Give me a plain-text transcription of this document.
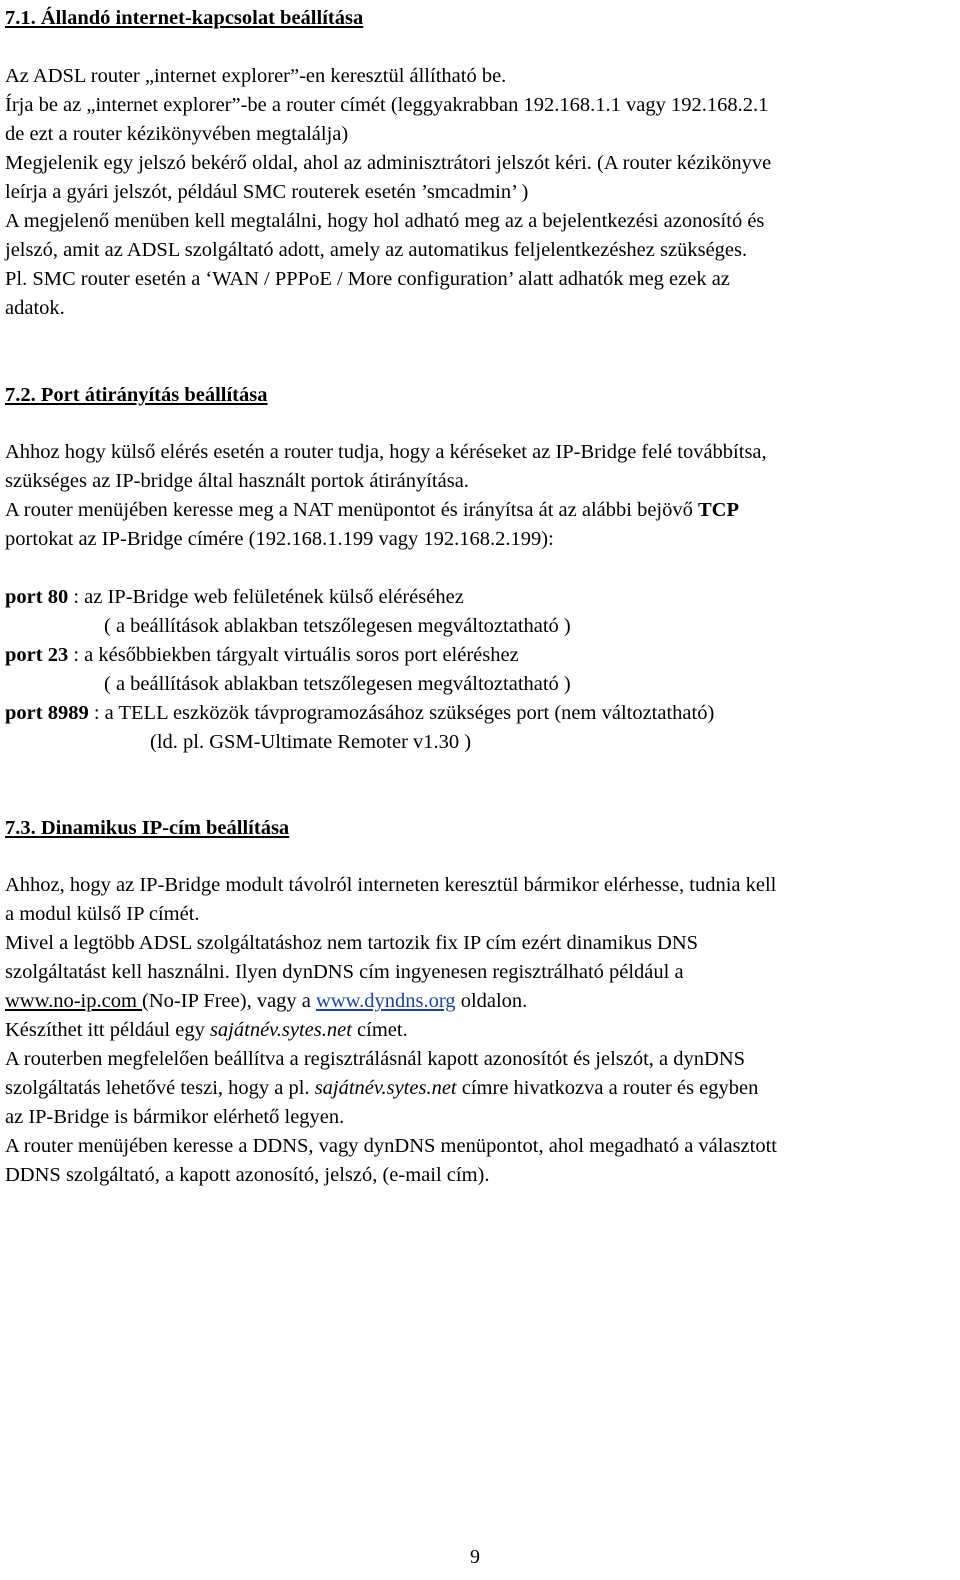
7.1. Állandó internet-kapcsolat beállítása
Az ADSL router „internet explorer”-en keresztül állítható be.
Írja be az „internet explorer”-be a router címét (leggyakrabban 192.168.1.1 vagy 192.168.2.1
de ezt a router kézikönyvében megtalálja)
Megjelenik egy jelszó bekérő oldal, ahol az adminisztrátori jelszót kéri. (A router kézikönyve
leírja a gyári jelszót, például SMC routerek esetén ’smcadmin’ )
A megjelenő menüben kell megtalálni, hogy hol adható meg az a bejelentkezési azonosító és
jelszó, amit az ADSL szolgáltató adott, amely az automatikus feljelentkezéshez szükséges.
Pl. SMC router esetén a ‘WAN / PPPoE / More configuration’ alatt adhatók meg ezek az
adatok.
7.2. Port átirányítás beállítása
Ahhoz hogy külső elérés esetén a router tudja, hogy a kéréseket az IP-Bridge felé továbbítsa,
szükséges az IP-bridge által használt portok átirányítása.
A router menüjében keresse meg a NAT menüpontot és irányítsa át az alábbi bejövő TCP
portokat az IP-Bridge címére (192.168.1.199 vagy 192.168.2.199):
port 80 : az IP-Bridge web felületének külső eléréséhez
( a beállítások ablakban tetszőlegesen megváltoztatható )
port 23 : a későbbiekben tárgyalt virtuális soros port eléréshez
( a beállítások ablakban tetszőlegesen megváltoztatható )
port 8989 : a TELL eszközök távprogramozásához szükséges port (nem változtatható)
(ld. pl. GSM-Ultimate Remoter v1.30 )
7.3. Dinamikus IP-cím beállítása
Ahhoz, hogy az IP-Bridge modult távolról interneten keresztül bármikor elérhesse, tudnia kell
a modul külső IP címét.
Mivel a legtöbb ADSL szolgáltatáshoz nem tartozik fix IP cím ezért dinamikus DNS
szolgáltatást kell használni. Ilyen dynDNS cím ingyenesen regisztrálható például a
www.no-ip.com (No-IP Free), vagy a www.dyndns.org oldalon.
Készíthet itt például egy sajátnév.sytes.net címet.
A routerben megfelelően beállítva a regisztrálásnál kapott azonosítót és jelszót, a dynDNS
szolgáltatás lehetővé teszi, hogy a pl. sajátnév.sytes.net címre hivatkozva a router és egyben
az IP-Bridge is bármikor elérhető legyen.
A router menüjében keresse a DDNS, vagy dynDNS menüpontot, ahol megadható a választott
DDNS szolgáltató, a kapott azonosító, jelszó, (e-mail cím).
9
